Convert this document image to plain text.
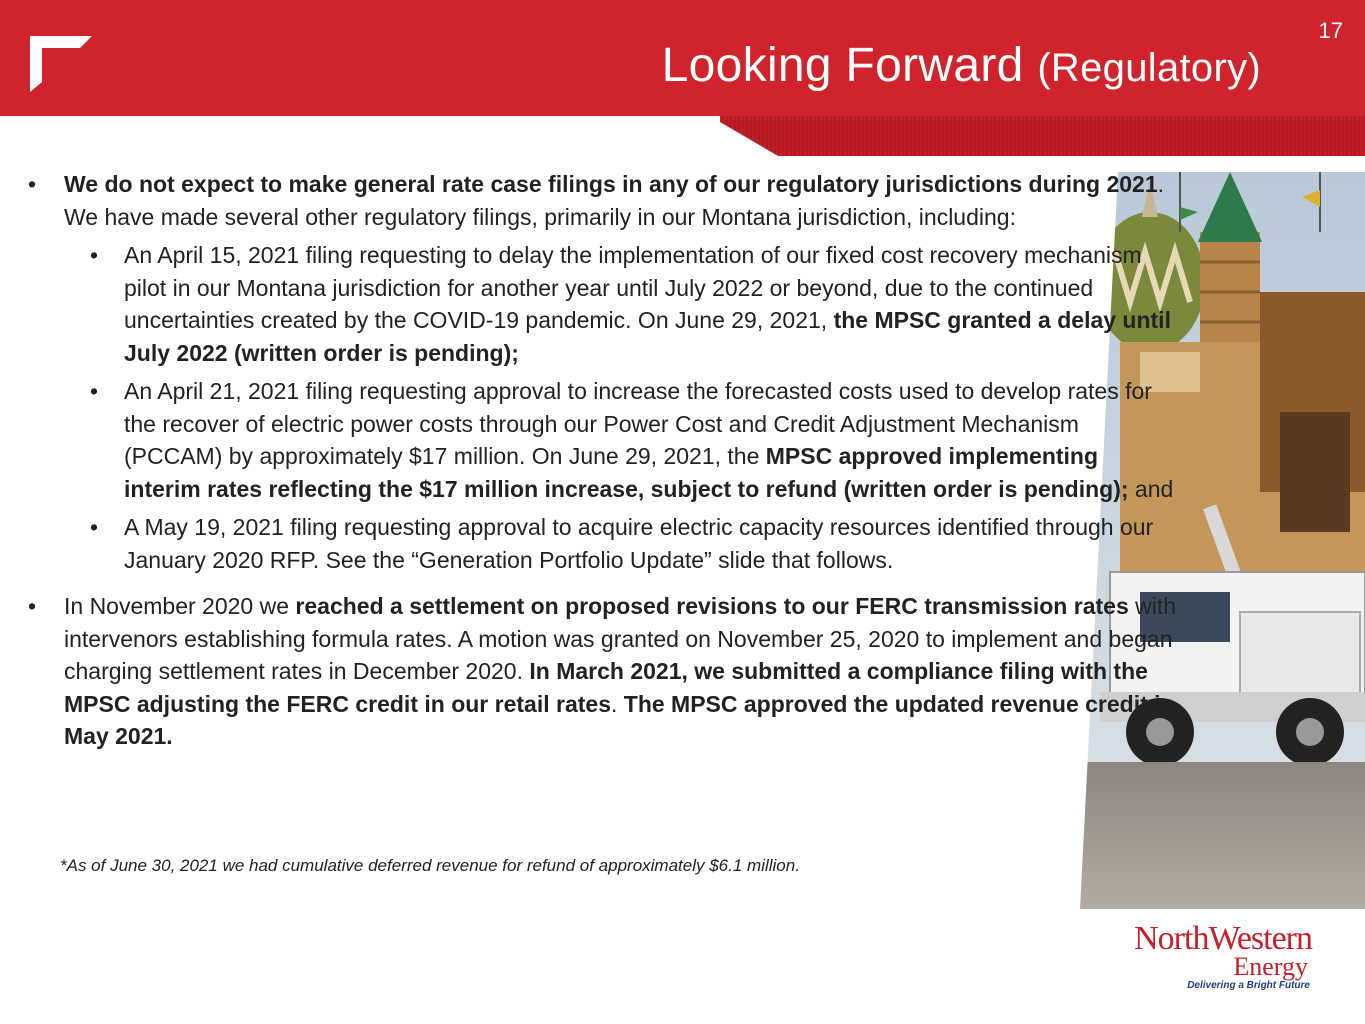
Looking Forward (Regulatory)
17

• We do not expect to make general rate case filings in any of our regulatory jurisdictions during 2021. We have made several other regulatory filings, primarily in our Montana jurisdiction, including:

• An April 15, 2021 filing requesting to delay the implementation of our fixed cost recovery mechanism pilot in our Montana jurisdiction for another year until July 2022 or beyond, due to the continued uncertainties created by the COVID-19 pandemic. On June 29, 2021, the MPSC granted a delay until July 2022 (written order is pending);

• An April 21, 2021 filing requesting approval to increase the forecasted costs used to develop rates for the recover of electric power costs through our Power Cost and Credit Adjustment Mechanism (PCCAM) by approximately $17 million. On June 29, 2021, the MPSC approved implementing interim rates reflecting the $17 million increase, subject to refund (written order is pending); and

• A May 19, 2021 filing requesting approval to acquire electric capacity resources identified through our January 2020 RFP. See the “Generation Portfolio Update” slide that follows.

• In November 2020 we reached a settlement on proposed revisions to our FERC transmission rates with intervenors establishing formula rates. A motion was granted on November 25, 2020 to implement and began charging settlement rates in December 2020. In March 2021, we submitted a compliance filing with the MPSC adjusting the FERC credit in our retail rates. The MPSC approved the updated revenue credit in May 2021.

*As of June 30, 2021 we had cumulative deferred revenue for refund of approximately $6.1 million.
NorthWestern
Energy
Delivering a Bright Future
